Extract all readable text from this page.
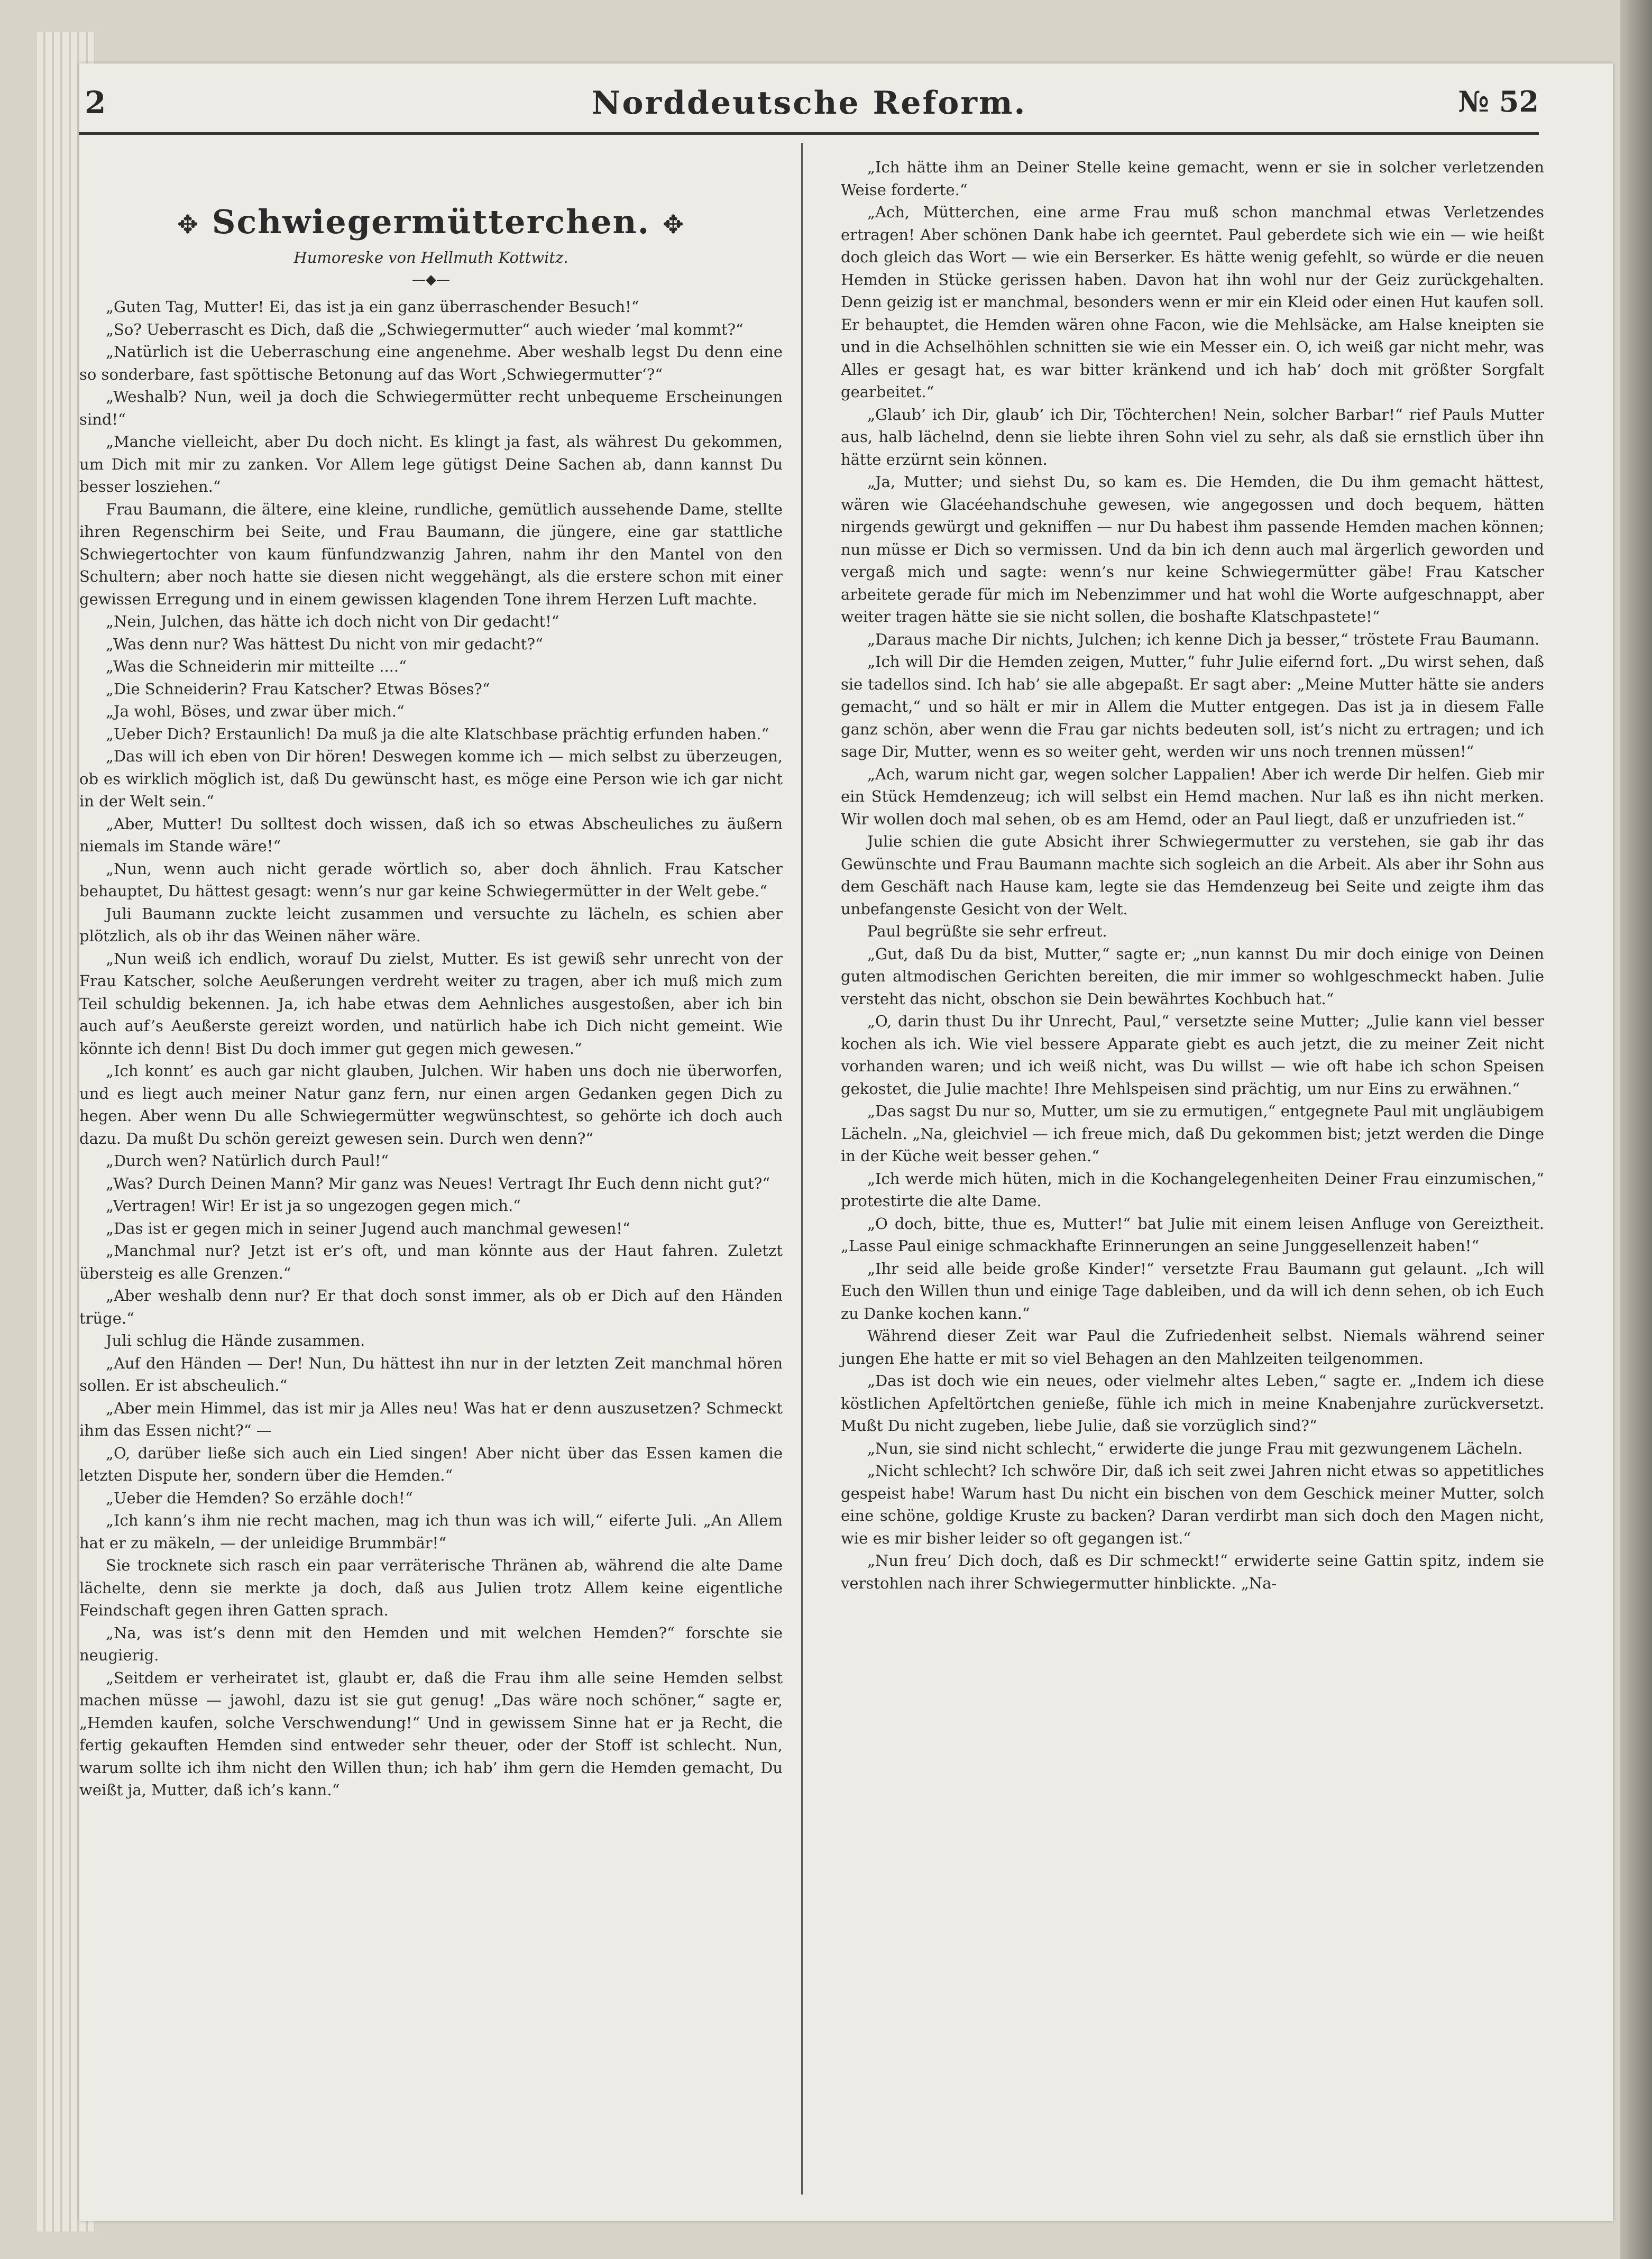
2	Norddeutsche Reform.	№ 52
✥ Schwiegermütterchen. ✥
Humoreske von Hellmuth Kottwitz.
—◆—

„Guten Tag, Mutter! Ei, das ist ja ein ganz überraschender Besuch!“

„So? Ueberrascht es Dich, daß die „Schwiegermutter“ auch wieder ’mal kommt?“

„Natürlich ist die Ueberraschung eine angenehme. Aber weshalb legst Du denn eine so sonderbare, fast spöttische Betonung auf das Wort ‚Schwiegermutter‘?“

„Weshalb? Nun, weil ja doch die Schwiegermütter recht unbequeme Erscheinungen sind!“

„Manche vielleicht, aber Du doch nicht. Es klingt ja fast, als währest Du gekommen, um Dich mit mir zu zanken. Vor Allem lege gütigst Deine Sachen ab, dann kannst Du besser losziehen.“

Frau Baumann, die ältere, eine kleine, rundliche, gemütlich aussehende Dame, stellte ihren Regenschirm bei Seite, und Frau Baumann, die jüngere, eine gar stattliche Schwiegertochter von kaum fünfundzwanzig Jahren, nahm ihr den Mantel von den Schultern; aber noch hatte sie diesen nicht weggehängt, als die erstere schon mit einer gewissen Erregung und in einem gewissen klagenden Tone ihrem Herzen Luft machte.

„Nein, Julchen, das hätte ich doch nicht von Dir gedacht!“

„Was denn nur? Was hättest Du nicht von mir gedacht?“

„Was die Schneiderin mir mitteilte ....“

„Die Schneiderin? Frau Katscher? Etwas Böses?“

„Ja wohl, Böses, und zwar über mich.“

„Ueber Dich? Erstaunlich! Da muß ja die alte Klatschbase prächtig erfunden haben.“

„Das will ich eben von Dir hören! Deswegen komme ich — mich selbst zu überzeugen, ob es wirklich möglich ist, daß Du gewünscht hast, es möge eine Person wie ich gar nicht in der Welt sein.“

„Aber, Mutter! Du solltest doch wissen, daß ich so etwas Abscheuliches zu äußern niemals im Stande wäre!“

„Nun, wenn auch nicht gerade wörtlich so, aber doch ähnlich. Frau Katscher behauptet, Du hättest gesagt: wenn’s nur gar keine Schwiegermütter in der Welt gebe.“

Juli Baumann zuckte leicht zusammen und versuchte zu lächeln, es schien aber plötzlich, als ob ihr das Weinen näher wäre.

„Nun weiß ich endlich, worauf Du zielst, Mutter. Es ist gewiß sehr unrecht von der Frau Katscher, solche Aeußerungen verdreht weiter zu tragen, aber ich muß mich zum Teil schuldig bekennen. Ja, ich habe etwas dem Aehnliches ausgestoßen, aber ich bin auch auf’s Aeußerste gereizt worden, und natürlich habe ich Dich nicht gemeint. Wie könnte ich denn! Bist Du doch immer gut gegen mich gewesen.“

„Ich konnt’ es auch gar nicht glauben, Julchen. Wir haben uns doch nie überworfen, und es liegt auch meiner Natur ganz fern, nur einen argen Gedanken gegen Dich zu hegen. Aber wenn Du alle Schwiegermütter wegwünschtest, so gehörte ich doch auch dazu. Da mußt Du schön gereizt gewesen sein. Durch wen denn?“

„Durch wen? Natürlich durch Paul!“

„Was? Durch Deinen Mann? Mir ganz was Neues! Vertragt Ihr Euch denn nicht gut?“

„Vertragen! Wir! Er ist ja so ungezogen gegen mich.“

„Das ist er gegen mich in seiner Jugend auch manchmal gewesen!“

„Manchmal nur? Jetzt ist er’s oft, und man könnte aus der Haut fahren. Zuletzt übersteig es alle Grenzen.“

„Aber weshalb denn nur? Er that doch sonst immer, als ob er Dich auf den Händen trüge.“

Juli schlug die Hände zusammen.

„Auf den Händen — Der! Nun, Du hättest ihn nur in der letzten Zeit manchmal hören sollen. Er ist abscheulich.“

„Aber mein Himmel, das ist mir ja Alles neu! Was hat er denn auszusetzen? Schmeckt ihm das Essen nicht?“ —

„O, darüber ließe sich auch ein Lied singen! Aber nicht über das Essen kamen die letzten Dispute her, sondern über die Hemden.“

„Ueber die Hemden? So erzähle doch!“

„Ich kann’s ihm nie recht machen, mag ich thun was ich will,“ eiferte Juli. „An Allem hat er zu mäkeln, — der unleidige Brummbär!“

Sie trocknete sich rasch ein paar verräterische Thränen ab, während die alte Dame lächelte, denn sie merkte ja doch, daß aus Julien trotz Allem keine eigentliche Feindschaft gegen ihren Gatten sprach.

„Na, was ist’s denn mit den Hemden und mit welchen Hemden?“ forschte sie neugierig.

„Seitdem er verheiratet ist, glaubt er, daß die Frau ihm alle seine Hemden selbst machen müsse — jawohl, dazu ist sie gut genug! „Das wäre noch schöner,“ sagte er, „Hemden kaufen, solche Verschwendung!“ Und in gewissem Sinne hat er ja Recht, die fertig gekauften Hemden sind entweder sehr theuer, oder der Stoff ist schlecht. Nun, warum sollte ich ihm nicht den Willen thun; ich hab’ ihm gern die Hemden gemacht, Du weißt ja, Mutter, daß ich’s kann.“

„Ich hätte ihm an Deiner Stelle keine gemacht, wenn er sie in solcher verletzenden Weise forderte.“

„Ach, Mütterchen, eine arme Frau muß schon manchmal etwas Verletzendes ertragen! Aber schönen Dank habe ich geerntet. Paul geberdete sich wie ein — wie heißt doch gleich das Wort — wie ein Berserker. Es hätte wenig gefehlt, so würde er die neuen Hemden in Stücke gerissen haben. Davon hat ihn wohl nur der Geiz zurückgehalten. Denn geizig ist er manchmal, besonders wenn er mir ein Kleid oder einen Hut kaufen soll. Er behauptet, die Hemden wären ohne Facon, wie die Mehlsäcke, am Halse kneipten sie und in die Achselhöhlen schnitten sie wie ein Messer ein. O, ich weiß gar nicht mehr, was Alles er gesagt hat, es war bitter kränkend und ich hab’ doch mit größter Sorgfalt gearbeitet.“

„Glaub’ ich Dir, glaub’ ich Dir, Töchterchen! Nein, solcher Barbar!“ rief Pauls Mutter aus, halb lächelnd, denn sie liebte ihren Sohn viel zu sehr, als daß sie ernstlich über ihn hätte erzürnt sein können.

„Ja, Mutter; und siehst Du, so kam es. Die Hemden, die Du ihm gemacht hättest, wären wie Glacéehandschuhe gewesen, wie angegossen und doch bequem, hätten nirgends gewürgt und gekniffen — nur Du habest ihm passende Hemden machen können; nun müsse er Dich so vermissen. Und da bin ich denn auch mal ärgerlich geworden und vergaß mich und sagte: wenn’s nur keine Schwiegermütter gäbe! Frau Katscher arbeitete gerade für mich im Nebenzimmer und hat wohl die Worte aufgeschnappt, aber weiter tragen hätte sie sie nicht sollen, die boshafte Klatschpastete!“

„Daraus mache Dir nichts, Julchen; ich kenne Dich ja besser,“ tröstete Frau Baumann.

„Ich will Dir die Hemden zeigen, Mutter,“ fuhr Julie eifernd fort. „Du wirst sehen, daß sie tadellos sind. Ich hab’ sie alle abgepaßt. Er sagt aber: „Meine Mutter hätte sie anders gemacht,“ und so hält er mir in Allem die Mutter entgegen. Das ist ja in diesem Falle ganz schön, aber wenn die Frau gar nichts bedeuten soll, ist’s nicht zu ertragen; und ich sage Dir, Mutter, wenn es so weiter geht, werden wir uns noch trennen müssen!“

„Ach, warum nicht gar, wegen solcher Lappalien! Aber ich werde Dir helfen. Gieb mir ein Stück Hemdenzeug; ich will selbst ein Hemd machen. Nur laß es ihn nicht merken. Wir wollen doch mal sehen, ob es am Hemd, oder an Paul liegt, daß er unzufrieden ist.“

Julie schien die gute Absicht ihrer Schwiegermutter zu verstehen, sie gab ihr das Gewünschte und Frau Baumann machte sich sogleich an die Arbeit. Als aber ihr Sohn aus dem Geschäft nach Hause kam, legte sie das Hemdenzeug bei Seite und zeigte ihm das unbefangenste Gesicht von der Welt.

Paul begrüßte sie sehr erfreut.

„Gut, daß Du da bist, Mutter,“ sagte er; „nun kannst Du mir doch einige von Deinen guten altmodischen Gerichten bereiten, die mir immer so wohlgeschmeckt haben. Julie versteht das nicht, obschon sie Dein bewährtes Kochbuch hat.“

„O, darin thust Du ihr Unrecht, Paul,“ versetzte seine Mutter; „Julie kann viel besser kochen als ich. Wie viel bessere Apparate giebt es auch jetzt, die zu meiner Zeit nicht vorhanden waren; und ich weiß nicht, was Du willst — wie oft habe ich schon Speisen gekostet, die Julie machte! Ihre Mehlspeisen sind prächtig, um nur Eins zu erwähnen.“

„Das sagst Du nur so, Mutter, um sie zu ermutigen,“ entgegnete Paul mit ungläubigem Lächeln. „Na, gleichviel — ich freue mich, daß Du gekommen bist; jetzt werden die Dinge in der Küche weit besser gehen.“

„Ich werde mich hüten, mich in die Kochangelegenheiten Deiner Frau einzumischen,“ protestirte die alte Dame.

„O doch, bitte, thue es, Mutter!“ bat Julie mit einem leisen Anfluge von Gereiztheit. „Lasse Paul einige schmackhafte Erinnerungen an seine Junggesellenzeit haben!“

„Ihr seid alle beide große Kinder!“ versetzte Frau Baumann gut gelaunt. „Ich will Euch den Willen thun und einige Tage dableiben, und da will ich denn sehen, ob ich Euch zu Danke kochen kann.“

Während dieser Zeit war Paul die Zufriedenheit selbst. Niemals während seiner jungen Ehe hatte er mit so viel Behagen an den Mahlzeiten teilgenommen.

„Das ist doch wie ein neues, oder vielmehr altes Leben,“ sagte er. „Indem ich diese köstlichen Apfeltörtchen genieße, fühle ich mich in meine Knabenjahre zurückversetzt. Mußt Du nicht zugeben, liebe Julie, daß sie vorzüglich sind?“

„Nun, sie sind nicht schlecht,“ erwiderte die junge Frau mit gezwungenem Lächeln.

„Nicht schlecht? Ich schwöre Dir, daß ich seit zwei Jahren nicht etwas so appetitliches gespeist habe! Warum hast Du nicht ein bischen von dem Geschick meiner Mutter, solch eine schöne, goldige Kruste zu backen? Daran verdirbt man sich doch den Magen nicht, wie es mir bisher leider so oft gegangen ist.“

„Nun freu’ Dich doch, daß es Dir schmeckt!“ erwiderte seine Gattin spitz, indem sie verstohlen nach ihrer Schwiegermutter hinblickte. „Na-
